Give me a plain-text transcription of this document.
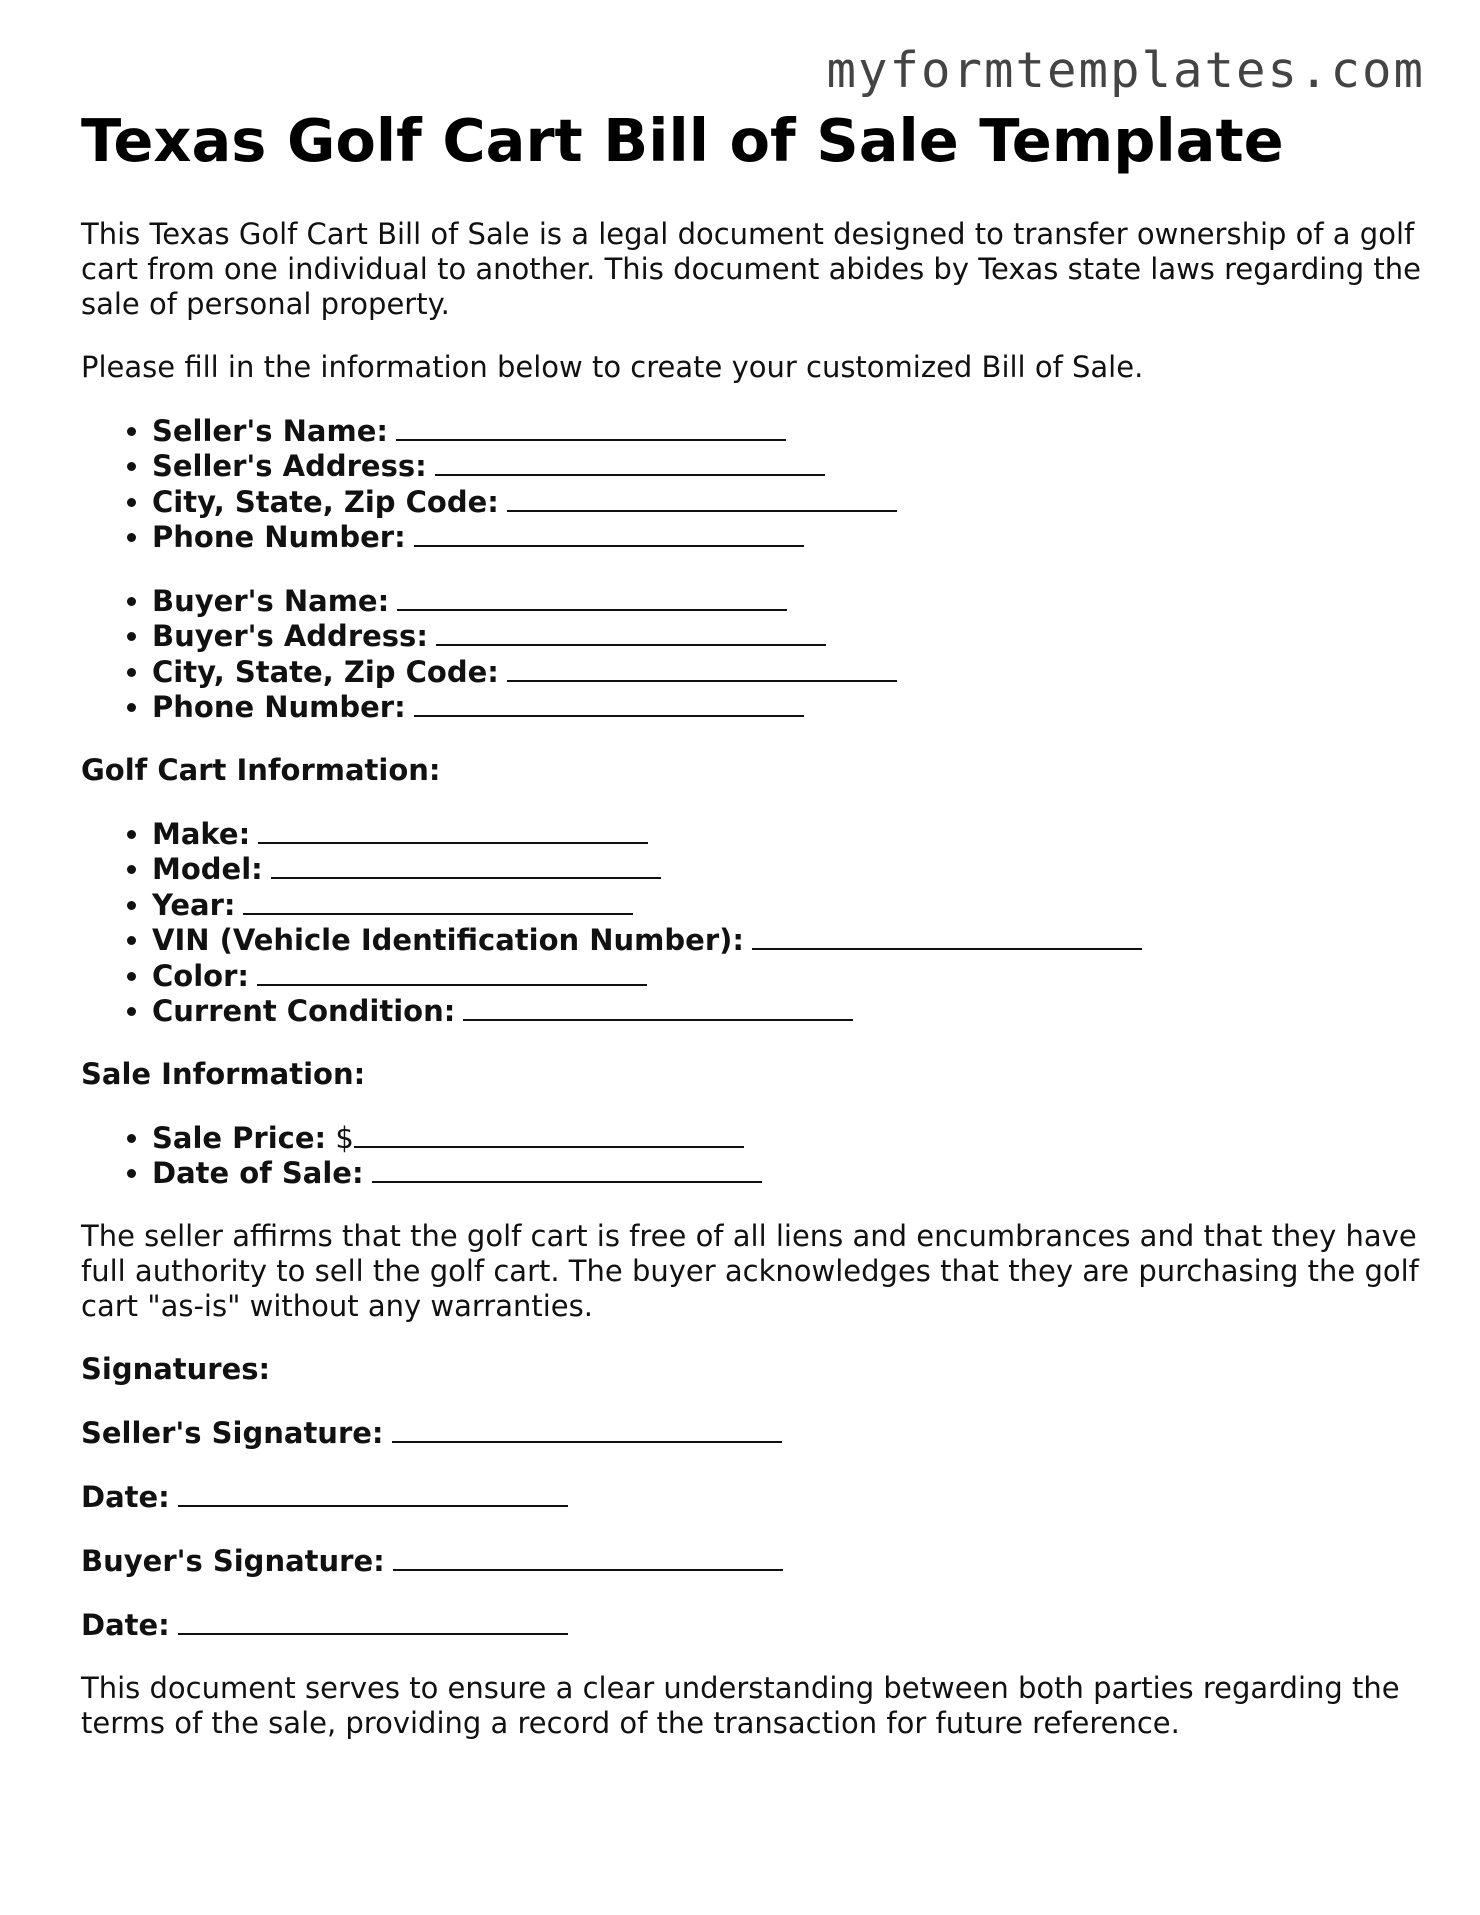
myformtemplates.com
Texas Golf Cart Bill of Sale Template

This Texas Golf Cart Bill of Sale is a legal document designed to transfer ownership of a golf cart from one individual to another. This document abides by Texas state laws regarding the sale of personal property.

Please fill in the information below to create your customized Bill of Sale.

• Seller's Name:
• Seller's Address:
• City, State, Zip Code:
• Phone Number:
• Buyer's Name:
• Buyer's Address:
• City, State, Zip Code:
• Phone Number:

Golf Cart Information:

• Make:
• Model:
• Year:
• VIN (Vehicle Identification Number):
• Color:
• Current Condition:

Sale Information:

• Sale Price: $
• Date of Sale:

The seller affirms that the golf cart is free of all liens and encumbrances and that they have full authority to sell the golf cart. The buyer acknowledges that they are purchasing the golf cart "as-is" without any warranties.

Signatures:

Seller's Signature:
Date:
Buyer's Signature:
Date:

This document serves to ensure a clear understanding between both parties regarding the terms of the sale, providing a record of the transaction for future reference.
